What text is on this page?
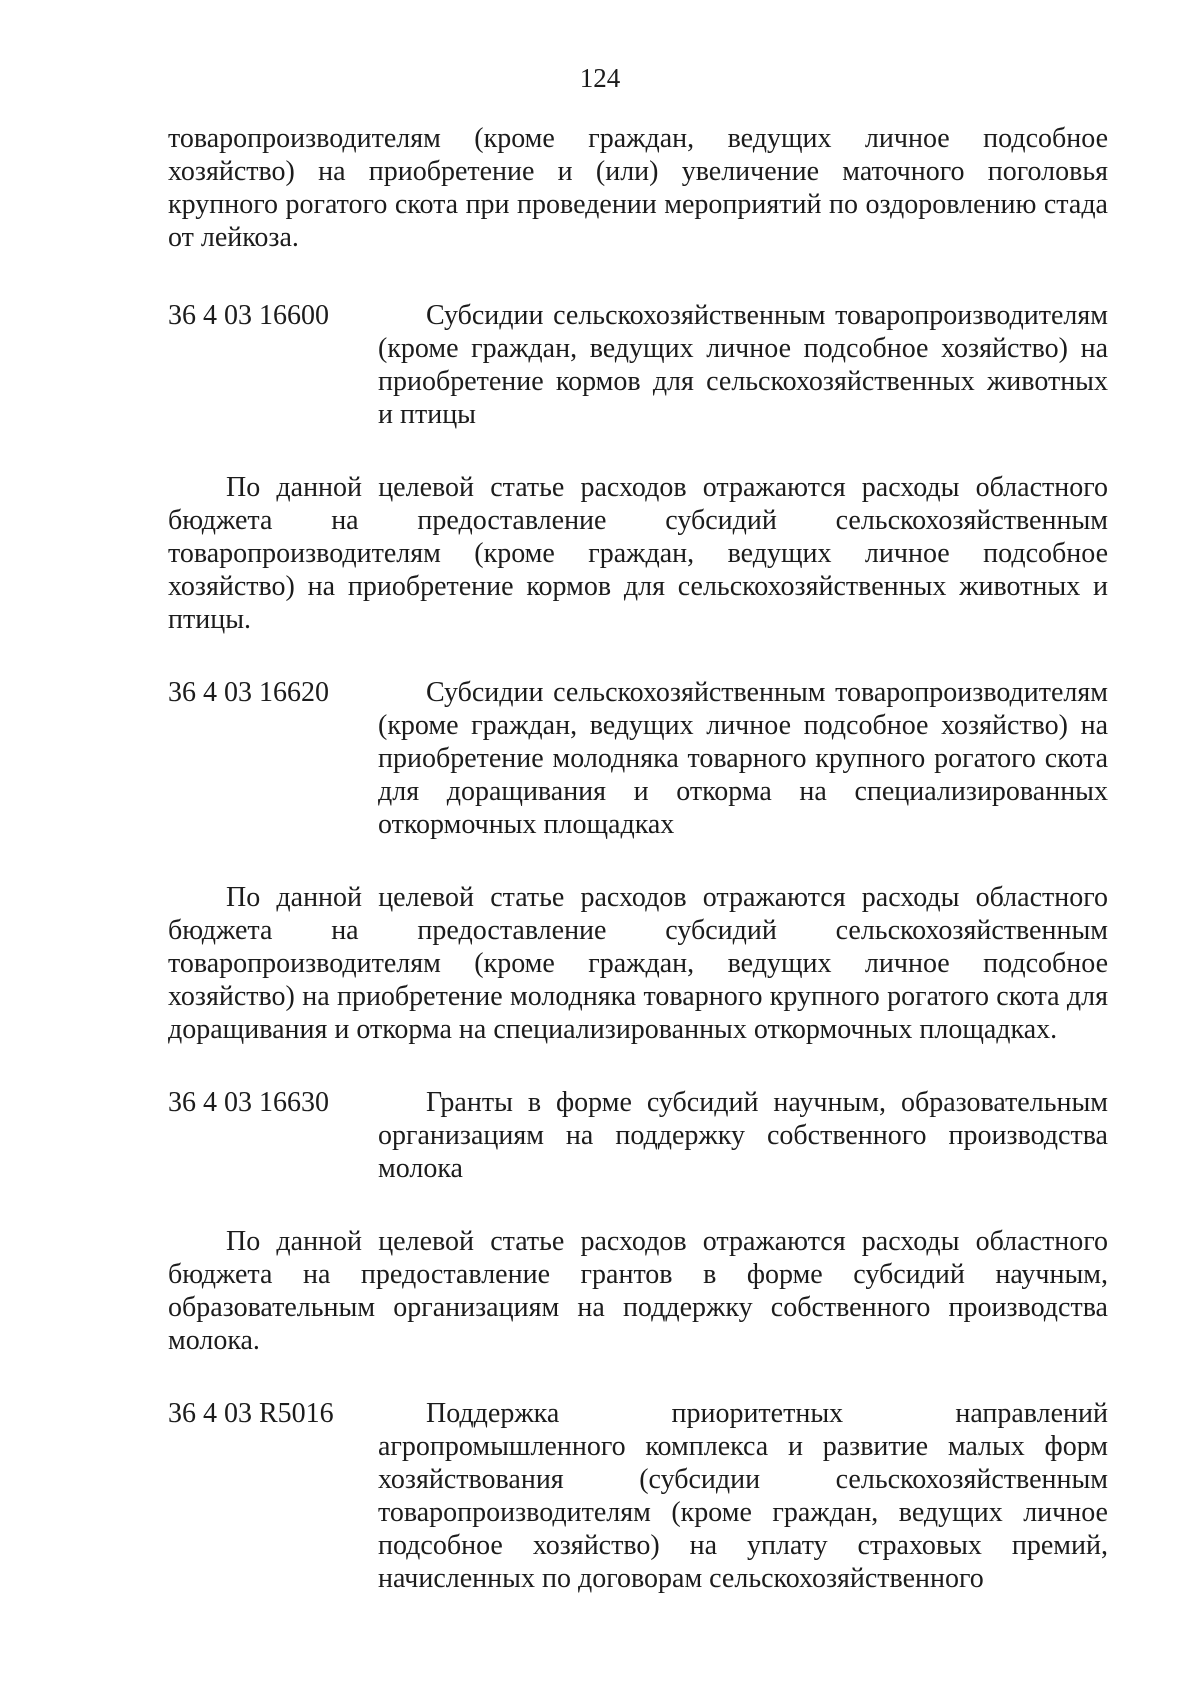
124

товаропроизводителям (кроме граждан, ведущих личное подсобное хозяйство) на приобретение и (или) увеличение маточного поголовья крупного рогатого скота при проведении мероприятий по оздоровлению стада от лейкоза.

36 4 03 16600	Субсидии сельскохозяйственным товаропроизводителям (кроме граждан, ведущих личное подсобное хозяйство) на приобретение кормов для сельскохозяйственных животных и птицы

По данной целевой статье расходов отражаются расходы областного бюджета на предоставление субсидий сельскохозяйственным товаропроизводителям (кроме граждан, ведущих личное подсобное хозяйство) на приобретение кормов для сельскохозяйственных животных и птицы.

36 4 03 16620	Субсидии сельскохозяйственным товаропроизводителям (кроме граждан, ведущих личное подсобное хозяйство) на приобретение молодняка товарного крупного рогатого скота для доращивания и откорма на специализированных откормочных площадках

По данной целевой статье расходов отражаются расходы областного бюджета на предоставление субсидий сельскохозяйственным товаропроизводителям (кроме граждан, ведущих личное подсобное хозяйство) на приобретение молодняка товарного крупного рогатого скота для доращивания и откорма на специализированных откормочных площадках.

36 4 03 16630	Гранты в форме субсидий научным, образовательным организациям на поддержку собственного производства молока

По данной целевой статье расходов отражаются расходы областного бюджета на предоставление грантов в форме субсидий научным, образовательным организациям на поддержку собственного производства молока.

36 4 03 R5016	Поддержка приоритетных направлений агропромышленного комплекса и развитие малых форм хозяйствования (субсидии сельскохозяйственным товаропроизводителям (кроме граждан, ведущих личное подсобное хозяйство) на уплату страховых премий, начисленных по договорам сельскохозяйственного
